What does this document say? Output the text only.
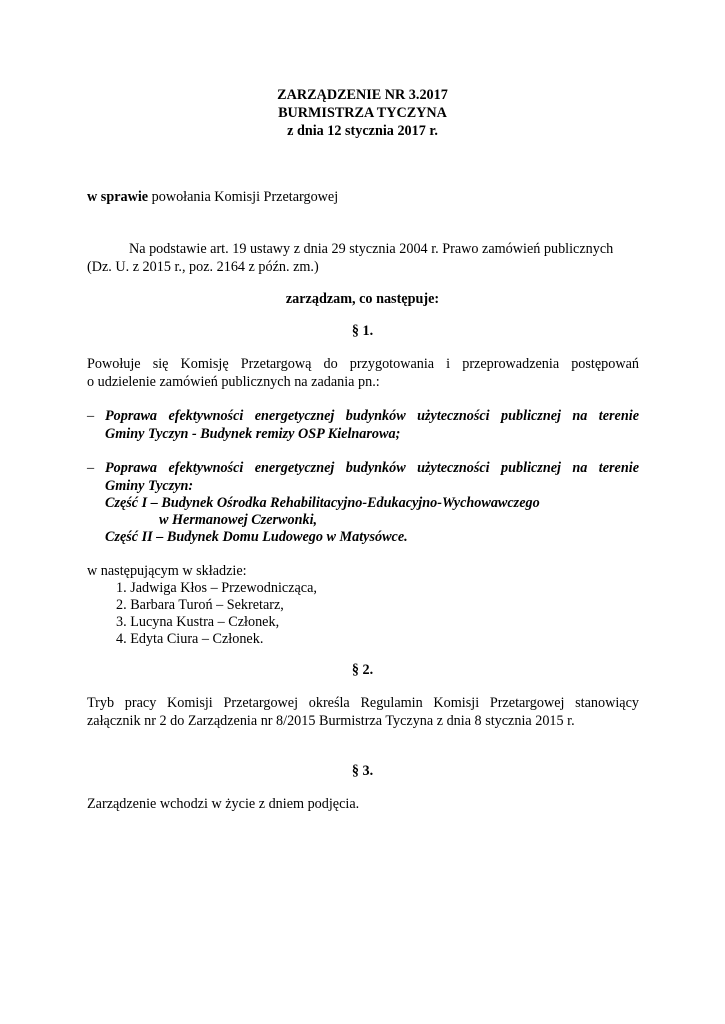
ZARZĄDZENIE NR 3.2017
BURMISTRZA TYCZYNA
z dnia 12 stycznia 2017 r.
w sprawie powołania Komisji Przetargowej
Na podstawie art. 19 ustawy z dnia 29 stycznia 2004 r. Prawo zamówień publicznych
(Dz. U. z 2015 r., poz. 2164 z późn. zm.)
zarządzam, co następuje:
§ 1.
Powołuje się Komisję Przetargową do przygotowania i przeprowadzenia postępowań
o udzielenie zamówień publicznych na zadania pn.:
– Poprawa efektywności energetycznej budynków użyteczności publicznej na terenie
Gminy Tyczyn - Budynek remizy OSP Kielnarowa;
– Poprawa efektywności energetycznej budynków użyteczności publicznej na terenie
Gminy Tyczyn:
Część I – Budynek Ośrodka Rehabilitacyjno-Edukacyjno-Wychowawczego
w Hermanowej Czerwonki,
Część II – Budynek Domu Ludowego w Matysówce.
w następującym w składzie:
1. Jadwiga Kłos – Przewodnicząca,
2. Barbara Turoń – Sekretarz,
3. Lucyna Kustra – Członek,
4. Edyta Ciura – Członek.
§ 2.
Tryb pracy Komisji Przetargowej określa Regulamin Komisji Przetargowej stanowiący
załącznik nr 2 do Zarządzenia nr 8/2015 Burmistrza Tyczyna z dnia 8 stycznia 2015 r.
§ 3.
Zarządzenie wchodzi w życie z dniem podjęcia.
